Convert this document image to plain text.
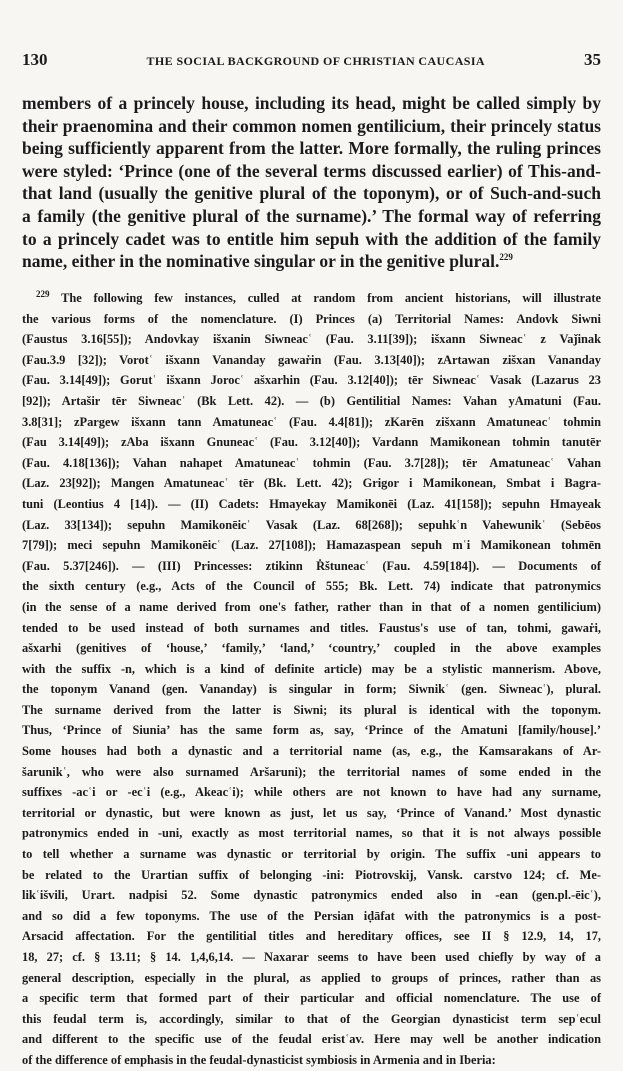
130	THE SOCIAL BACKGROUND OF CHRISTIAN CAUCASIA	35
members of a princely house, including its head, might be called simply by
their praenomina and their common nomen gentilicium, their princely status
being sufficiently apparent from the latter. More formally, the ruling princes
were styled: ‘Prince (one of the several terms discussed earlier) of This-and-
that land (usually the genitive plural of the toponym), or of Such-and-such
a family (the genitive plural of the surname).’ The formal way of referring
to a princely cadet was to entitle him sepuh with the addition of the family
name, either in the nominative singular or in the genitive plural.$^{229}$
$^{229}$ The following few instances, culled at random from ancient historians, will illustrate
the various forms of the nomenclature. (I) Princes (a) Territorial Names: Andovk Siwni
(Faustus 3.16[55]); Andovkay išxanin Siwneacʿ (Fau. 3.11[39]); išxann Siwneacʿ z Vaǰinak
(Fau.3.9 [32]); Vorotʿ išxann Vananday gawaṙin (Fau. 3.13[40]); zArtawan zišxan Vananday
(Fau. 3.14[49]); Gorutʿ išxann Jorocʿ ašxarhin (Fau. 3.12[40]); tēr Siwneacʿ Vasak (Lazarus 23
[92]); Artašir tēr Siwneacʿ (Bk Lett. 42). — (b) Gentilitial Names: Vahan yAmatuni (Fau.
3.8[31]; zPargew išxann tann Amatuneacʿ (Fau. 4.4[81]); zKarēn zišxann Amatuneacʿ tohmin
(Fau 3.14[49]); zAba išxann Gnuneacʿ (Fau. 3.12[40]); Vardann Mamikonean tohmin tanutēr
(Fau. 4.18[136]); Vahan nahapet Amatuneacʿ tohmin (Fau. 3.7[28]); tēr Amatuneacʿ Vahan
(Laz. 23[92]); Mangen Amatuneacʿ tēr (Bk. Lett. 42); Grigor i Mamikonean, Smbat i Bagra-
tuni (Leontius 4 [14]). — (II) Cadets: Hmayekay Mamikonēi (Laz. 41[158]); sepuhn Hmayeak
(Laz. 33[134]); sepuhn Mamikonēicʿ Vasak (Laz. 68[268]); sepuhkʿn Vahewunikʿ (Sebēos
7[79]); meci sepuhn Mamikonēicʿ (Laz. 27[108]); Hamazaspean sepuh mʿi Mamikonean tohmēn
(Fau. 5.37[246]). — (III) Princesses: ztikinn Ṙštuneacʿ (Fau. 4.59[184]). — Documents of
the sixth century (e.g., Acts of the Council of 555; Bk. Lett. 74) indicate that patronymics
(in the sense of a name derived from one's father, rather than in that of a nomen gentilicium)
tended to be used instead of both surnames and titles. Faustus's use of tan, tohmi, gawaṙi,
ašxarhi (genitives of ‘house,’ ‘family,’ ‘land,’ ‘country,’ coupled in the above examples
with the suffix -n, which is a kind of definite article) may be a stylistic mannerism. Above,
the toponym Vanand (gen. Vananday) is singular in form; Siwnikʿ (gen. Siwneacʿ), plural.
The surname derived from the latter is Siwni; its plural is identical with the toponym.
Thus, ‘Prince of Siunia’ has the same form as, say, ‘Prince of the Amatuni [family/house].’
Some houses had both a dynastic and a territorial name (as, e.g., the Kamsarakans of Ar-
šarunikʿ, who were also surnamed Aršaruni); the territorial names of some ended in the
suffixes -acʿi or -ecʿi (e.g., Akeacʿi); while others are not known to have had any surname,
territorial or dynastic, but were known as just, let us say, ‘Prince of Vanand.’ Most dynastic
patronymics ended in -uni, exactly as most territorial names, so that it is not always possible
to tell whether a surname was dynastic or territorial by origin. The suffix -uni appears to
be related to the Urartian suffix of belonging -ini: Piotrovskij, Vansk. carstvo 124; cf. Me-
likʿišvili, Urart. nadpisi 52. Some dynastic patronymics ended also in -ean (gen.pl.-ēicʿ),
and so did a few toponyms. The use of the Persian iḍāfat with the patronymics is a post-
Arsacid affectation. For the gentilitial titles and hereditary offices, see II § 12.9, 14, 17,
18, 27; cf. § 13.11; § 14. 1,4,6,14. — Naxarar seems to have been used chiefly by way of a
general description, especially in the plural, as applied to groups of princes, rather than as
a specific term that formed part of their particular and official nomenclature. The use of
this feudal term is, accordingly, similar to that of the Georgian dynasticist term sepʿecul
and different to the specific use of the feudal eristʿav. Here may well be another indication
of the difference of emphasis in the feudal-dynasticist symbiosis in Armenia and in Iberia:
